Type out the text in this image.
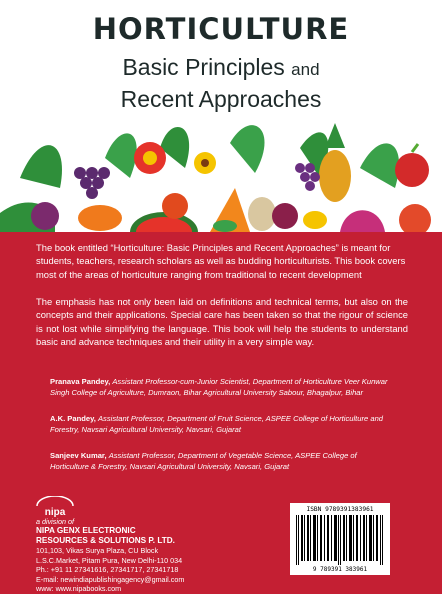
HORTICULTURE
Basic Principles and
Recent Approaches
The book entitled “Horticulture: Basic Principles and Recent Approaches” is meant for students, teachers, research scholars as well as budding horticulturists. This book covers most of the areas of horticulture ranging from traditional to recent development
The emphasis has not only been laid on definitions and technical terms, but also on the concepts and their applications. Special care has been taken so that the rigour of science is not lost while simplifying the language. This book will help the students to understand basic and advance techniques and their utility in a very simple way.
Pranava Pandey, Assistant Professor-cum-Junior Scientist, Department of Horticulture Veer Kunwar Singh College of Agriculture, Dumraon, Bihar Agricultural University Sabour, Bhagalpur, Bihar
A.K. Pandey, Assistant Professor, Department of Fruit Science, ASPEE College of Horticulture and Forestry, Navsari Agricultural University, Navsari, Gujarat
Sanjeev Kumar, Assistant Professor, Department of Vegetable Science, ASPEE College of Horticulture & Forestry, Navsari Agricultural University, Navsari, Gujarat
nipa
a division of
NIPA GENX ELECTRONIC
RESOURCES & SOLUTIONS P. LTD.
101,103, Vikas Surya Plaza, CU Block
L.S.C.Market, Pitam Pura, New Delhi-110 034
Ph.: +91 11 27341616, 27341717, 27341718
E-mail: newindiapublishingagency@gmail.com
www: www.nipabooks.com
ISBN 9789391383961
9 789391 383961
